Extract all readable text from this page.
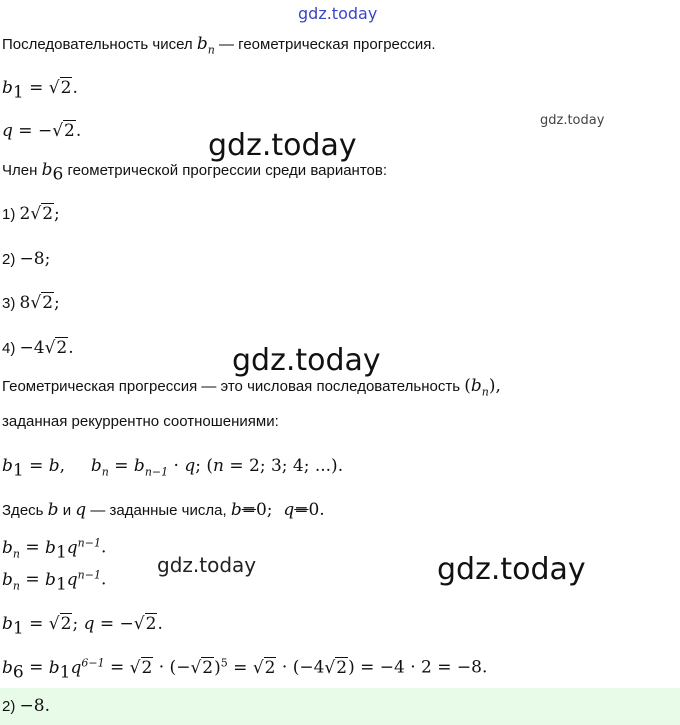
gdz.today
gdz.today
gdz.today
gdz.today
gdz.today	gdz.today
Последовательность чисел $b_n$ — геометрическая прогрессия.
$b_1 = √2$.
q = −√2.
Член $b_6$ геометрической прогрессии среди вариантов:
1) 2√2;
2) −8;
3) 8√2;
4) −4√2.
Геометрическая прогрессия — это числовая последовательность $(b_n)$,
заданная рекуррентно соотношениями:
$b_1 = b$,     $b_n = b_{n-1} \cdot q$; (n = 2; 3; 4; ...).
Здесь b и q — заданные числа, b=0;  q=0.
$b_n = b_1q^{n-1}$.
$b_n = b_1q^{n-1}$.
$b_1 = √2$; q = −√2.
$b_6 = b_1q^{6-1} = √2 \cdot (-√2)^5 = √2 \cdot (-4√2) = -4 \cdot 2 = -8$.
2) −8.
